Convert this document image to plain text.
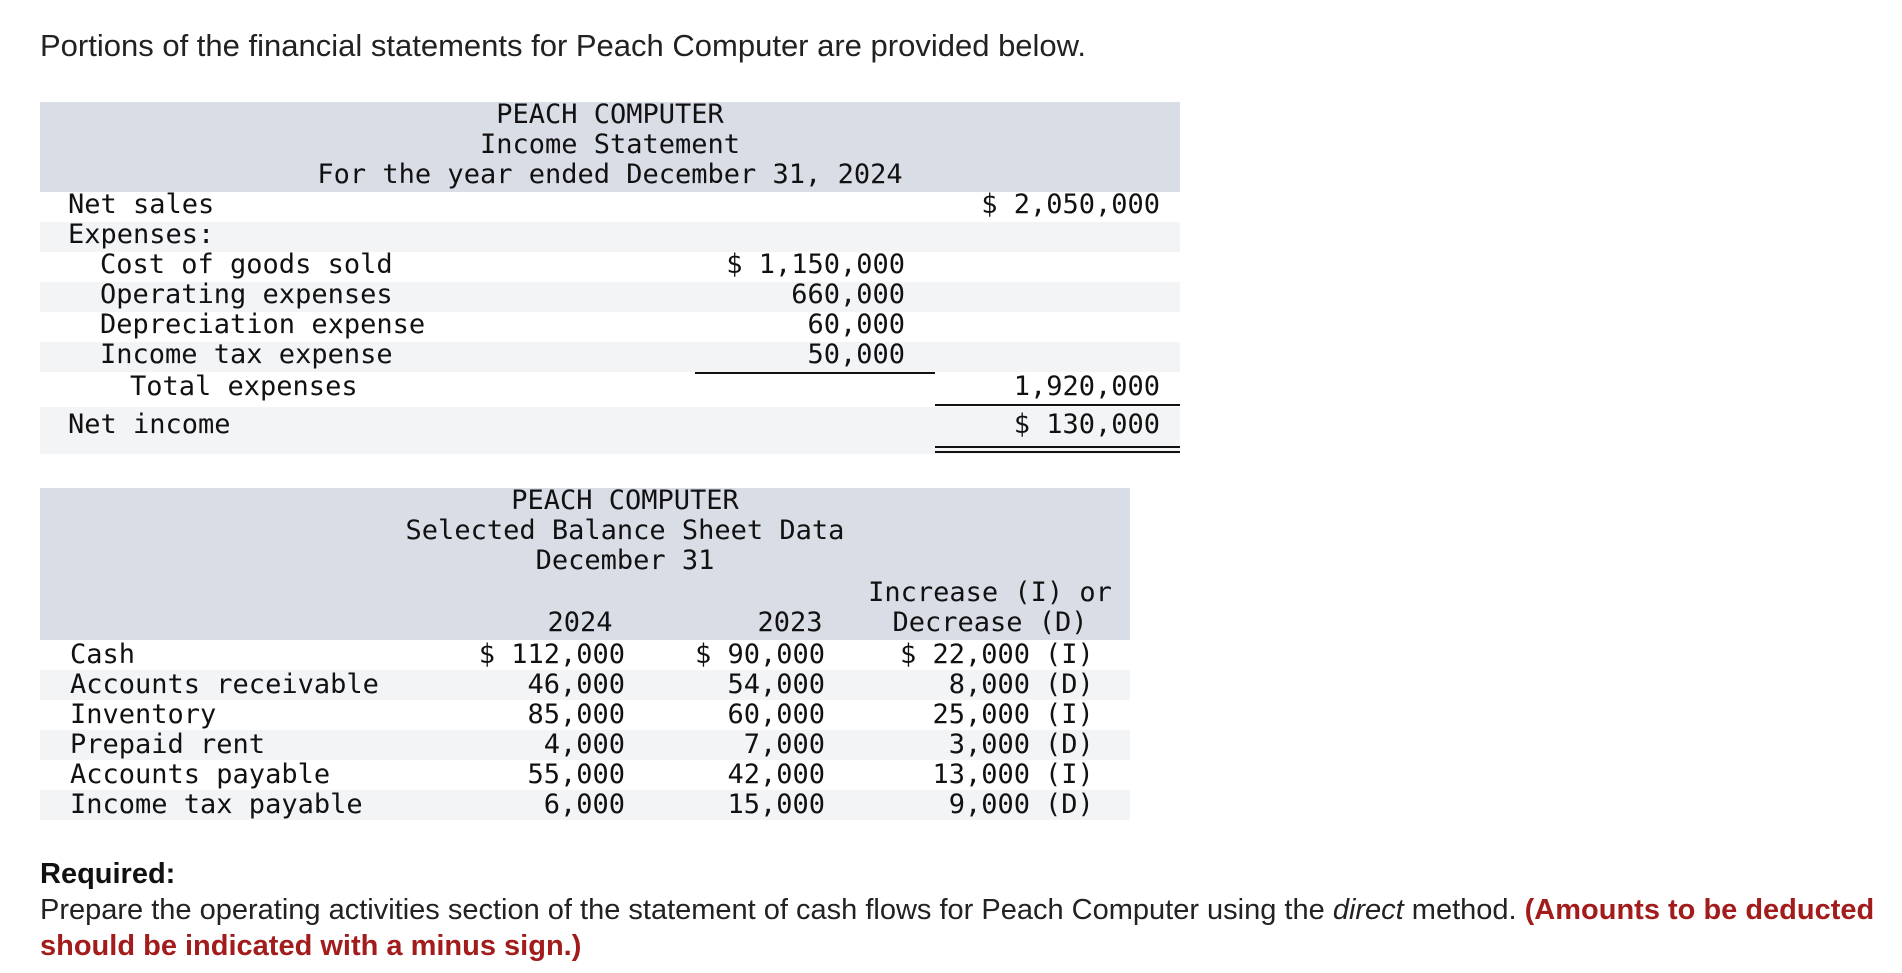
Portions of the financial statements for Peach Computer are provided below.
PEACH COMPUTER
Income Statement
For the year ended December 31, 2024
Net sales	$ 2,050,000
Expenses:
Cost of goods sold	$ 1,150,000
Operating expenses	660,000
Depreciation expense	60,000
Income tax expense	50,000
Total expenses	1,920,000
Net income	$ 130,000
PEACH COMPUTER
Selected Balance Sheet Data
December 31
Increase (I) or
2024	2023	Decrease (D)
Cash	$ 112,000	$ 90,000	$ 22,000 (I)
Accounts receivable	46,000	54,000	8,000 (D)
Inventory	85,000	60,000	25,000 (I)
Prepaid rent	4,000	7,000	3,000 (D)
Accounts payable	55,000	42,000	13,000 (I)
Income tax payable	6,000	15,000	9,000 (D)
Required:
Prepare the operating activities section of the statement of cash flows for Peach Computer using the direct method. (Amounts to be deducted should be indicated with a minus sign.)
